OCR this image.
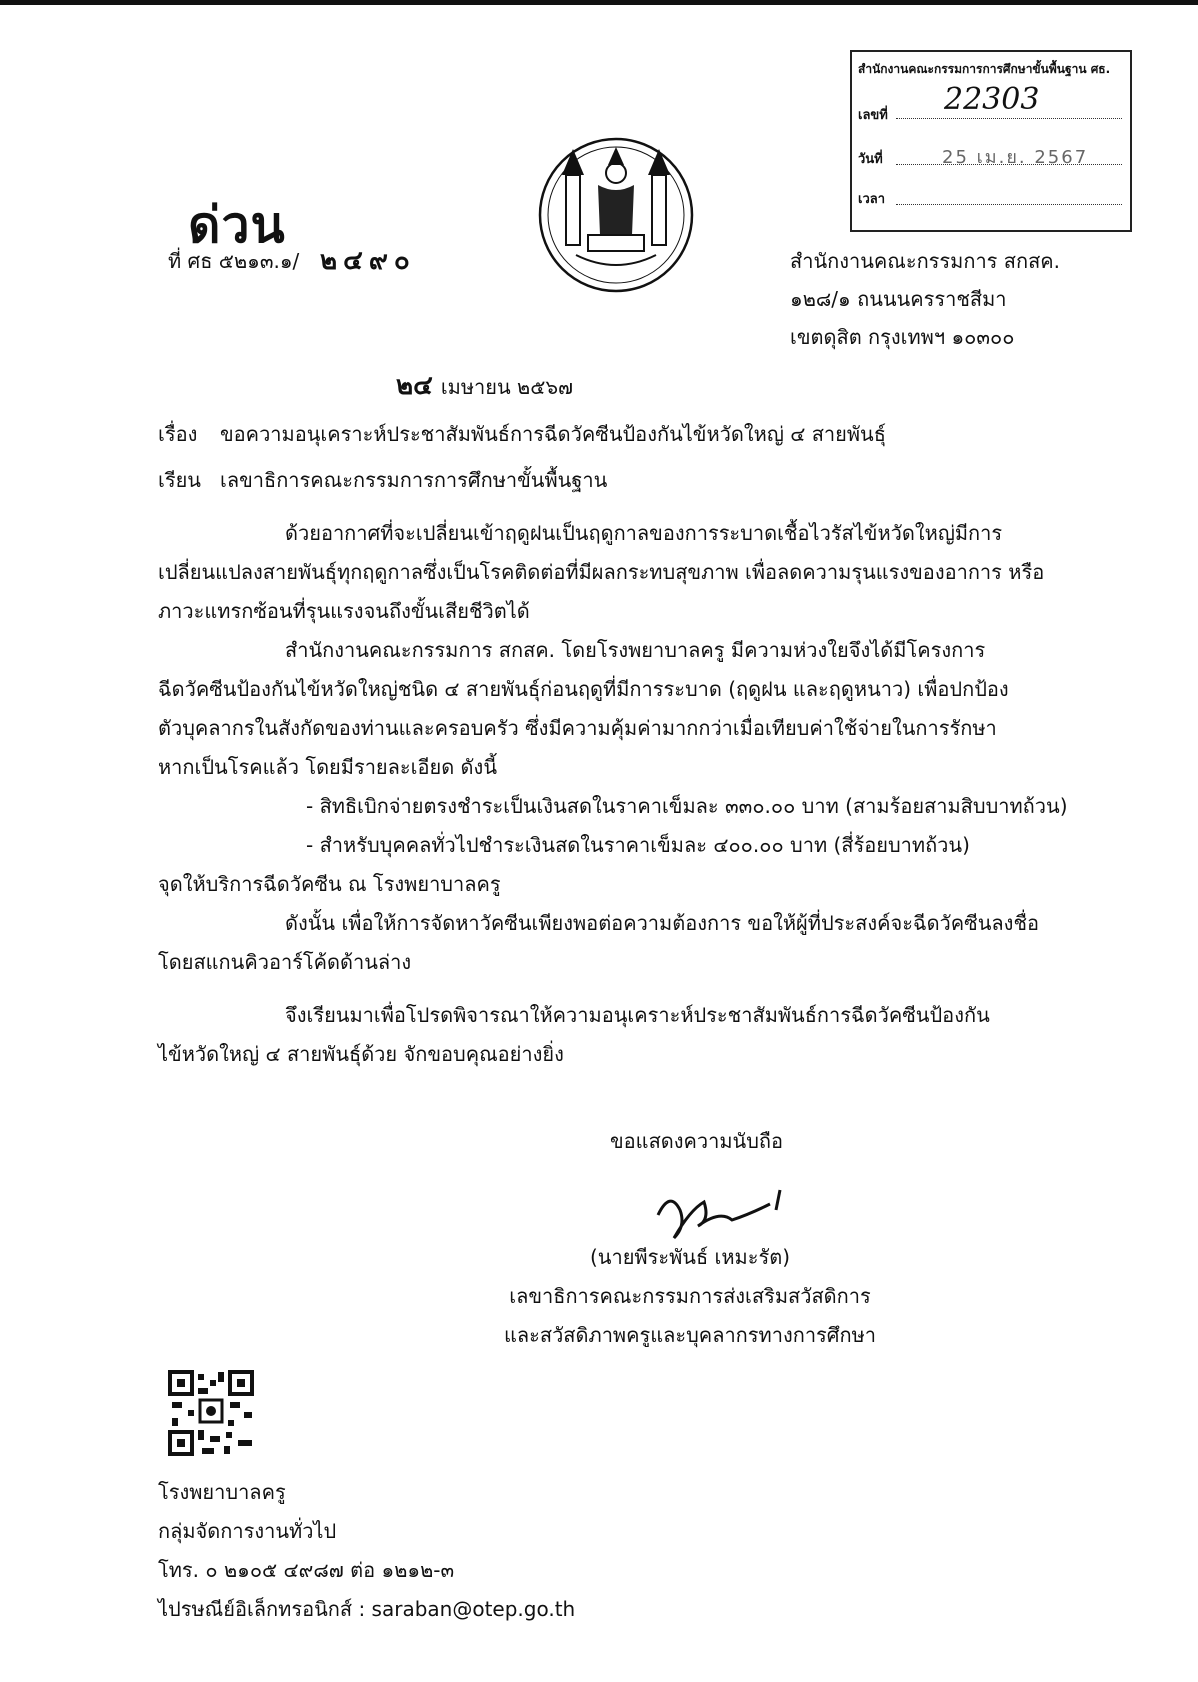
สำนักงานคณะกรรมการการศึกษาขั้นพื้นฐาน ศธ.
เลขที่ 22303
วันที่	25 เม.ย. 2567
เวลา
ด่วน
ที่ ศธ ๕๒๑๓.๑/ ๒๔๙๐	สำนักงานคณะกรรมการ สกสค.
๑๒๘/๑ ถนนนครราชสีมา
เขตดุสิต กรุงเทพฯ ๑๐๓๐๐
๒๔ เมษายน ๒๕๖๗
เรื่อง ขอความอนุเคราะห์ประชาสัมพันธ์การฉีดวัคซีนป้องกันไข้หวัดใหญ่ ๔ สายพันธุ์
เรียน เลขาธิการคณะกรรมการการศึกษาขั้นพื้นฐาน
ด้วยอากาศที่จะเปลี่ยนเข้าฤดูฝนเป็นฤดูกาลของการระบาดเชื้อไวรัสไข้หวัดใหญ่มีการ
เปลี่ยนแปลงสายพันธุ์ทุกฤดูกาลซึ่งเป็นโรคติดต่อที่มีผลกระทบสุขภาพ เพื่อลดความรุนแรงของอาการ หรือ
ภาวะแทรกซ้อนที่รุนแรงจนถึงขั้นเสียชีวิตได้
สำนักงานคณะกรรมการ สกสค. โดยโรงพยาบาลครู มีความห่วงใยจึงได้มีโครงการ
ฉีดวัคซีนป้องกันไข้หวัดใหญ่ชนิด ๔ สายพันธุ์ก่อนฤดูที่มีการระบาด (ฤดูฝน และฤดูหนาว) เพื่อปกป้อง
ตัวบุคลากรในสังกัดของท่านและครอบครัว ซึ่งมีความคุ้มค่ามากกว่าเมื่อเทียบค่าใช้จ่ายในการรักษา
หากเป็นโรคแล้ว โดยมีรายละเอียด ดังนี้
- สิทธิเบิกจ่ายตรงชำระเป็นเงินสดในราคาเข็มละ ๓๓๐.๐๐ บาท (สามร้อยสามสิบบาทถ้วน)
- สำหรับบุคคลทั่วไปชำระเงินสดในราคาเข็มละ ๔๐๐.๐๐ บาท (สี่ร้อยบาทถ้วน)
จุดให้บริการฉีดวัคซีน ณ โรงพยาบาลครู
ดังนั้น เพื่อให้การจัดหาวัคซีนเพียงพอต่อความต้องการ ขอให้ผู้ที่ประสงค์จะฉีดวัคซีนลงชื่อ
โดยสแกนคิวอาร์โค้ดด้านล่าง
จึงเรียนมาเพื่อโปรดพิจารณาให้ความอนุเคราะห์ประชาสัมพันธ์การฉีดวัคซีนป้องกัน
ไข้หวัดใหญ่ ๔ สายพันธุ์ด้วย จักขอบคุณอย่างยิ่ง
ขอแสดงความนับถือ
(นายพีระพันธ์ เหมะรัต)
เลขาธิการคณะกรรมการส่งเสริมสวัสดิการ
และสวัสดิภาพครูและบุคลากรทางการศึกษา
โรงพยาบาลครู
กลุ่มจัดการงานทั่วไป
โทร. ๐ ๒๑๐๕ ๔๙๘๗ ต่อ ๑๒๑๒-๓
ไปรษณีย์อิเล็กทรอนิกส์ : saraban@otep.go.th
